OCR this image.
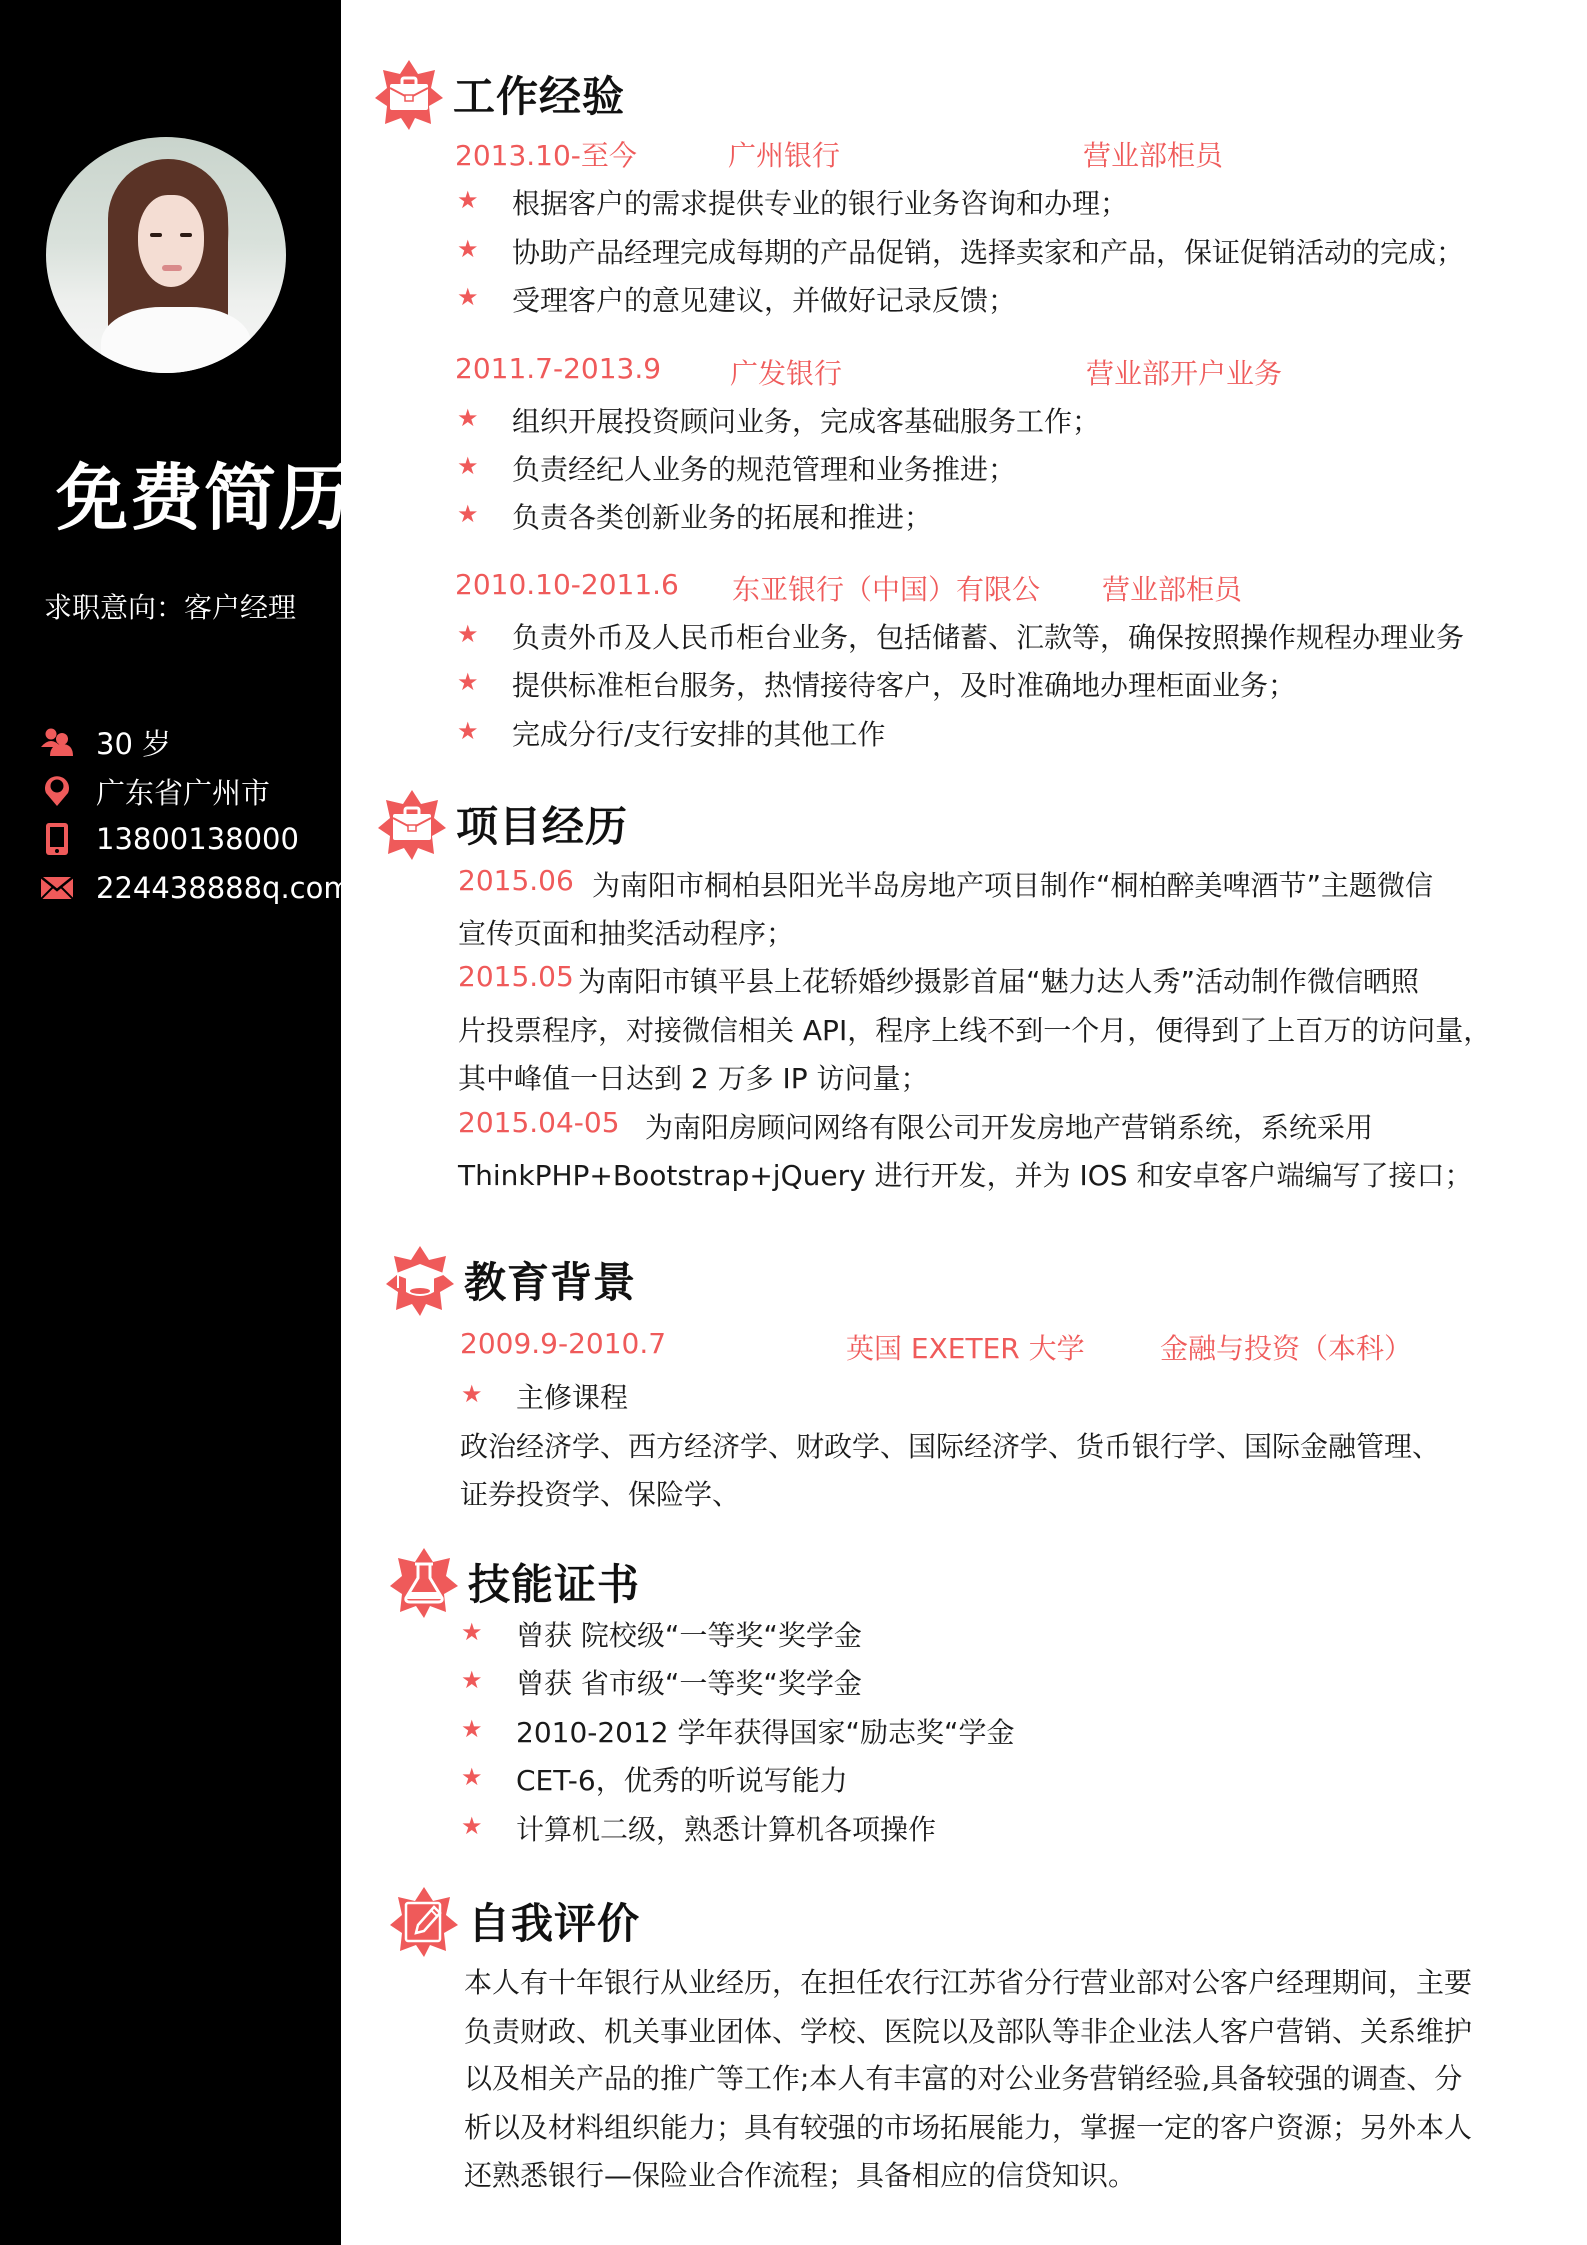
免费简历
求职意向：客户经理
30 岁
广东省广州市
13800138000
224438888q.com
工作经验
2013.10-至今	广州银行	营业部柜员
★ 根据客户的需求提供专业的银行业务咨询和办理；
★ 协助产品经理完成每期的产品促销，选择卖家和产品，保证促销活动的完成；
★ 受理客户的意见建议，并做好记录反馈；
2011.7-2013.9 广发银行	营业部开户业务
★ 组织开展投资顾问业务，完成客基础服务工作；
★ 负责经纪人业务的规范管理和业务推进；
★ 负责各类创新业务的拓展和推进；
2010.10-2011.6 东亚银行（中国）有限公 营业部柜员
★ 负责外币及人民币柜台业务，包括储蓄、汇款等，确保按照操作规程办理业务
★ 提供标准柜台服务，热情接待客户，及时准确地办理柜面业务；
★ 完成分行/支行安排的其他工作
项目经历
2015.06 为南阳市桐柏县阳光半岛房地产项目制作“桐柏醉美啤酒节”主题微信
宣传页面和抽奖活动程序；
2015.05 为南阳市镇平县上花轿婚纱摄影首届“魅力达人秀”活动制作微信晒照
片投票程序，对接微信相关 API，程序上线不到一个月，便得到了上百万的访问量，
其中峰值一日达到 2 万多 IP 访问量；
2015.04-05 为南阳房顾问网络有限公司开发房地产营销系统，系统采用
ThinkPHP+Bootstrap+jQuery 进行开发，并为 IOS 和安卓客户端编写了接口；
教育背景
2009.9-2010.7	英国 EXETER 大学	金融与投资（本科）
★ 主修课程
政治经济学、西方经济学、财政学、国际经济学、货币银行学、国际金融管理、
证券投资学、保险学、
技能证书
★ 曾获 院校级“一等奖“奖学金
★ 曾获 省市级“一等奖“奖学金
★ 2010-2012 学年获得国家“励志奖“学金
★ CET-6，优秀的听说写能力
★ 计算机二级，熟悉计算机各项操作
自我评价
本人有十年银行从业经历，在担任农行江苏省分行营业部对公客户经理期间，主要
负责财政、机关事业团体、学校、医院以及部队等非企业法人客户营销、关系维护
以及相关产品的推广等工作;本人有丰富的对公业务营销经验,具备较强的调查、分
析以及材料组织能力；具有较强的市场拓展能力，掌握一定的客户资源；另外本人
还熟悉银行—保险业合作流程；具备相应的信贷知识。
